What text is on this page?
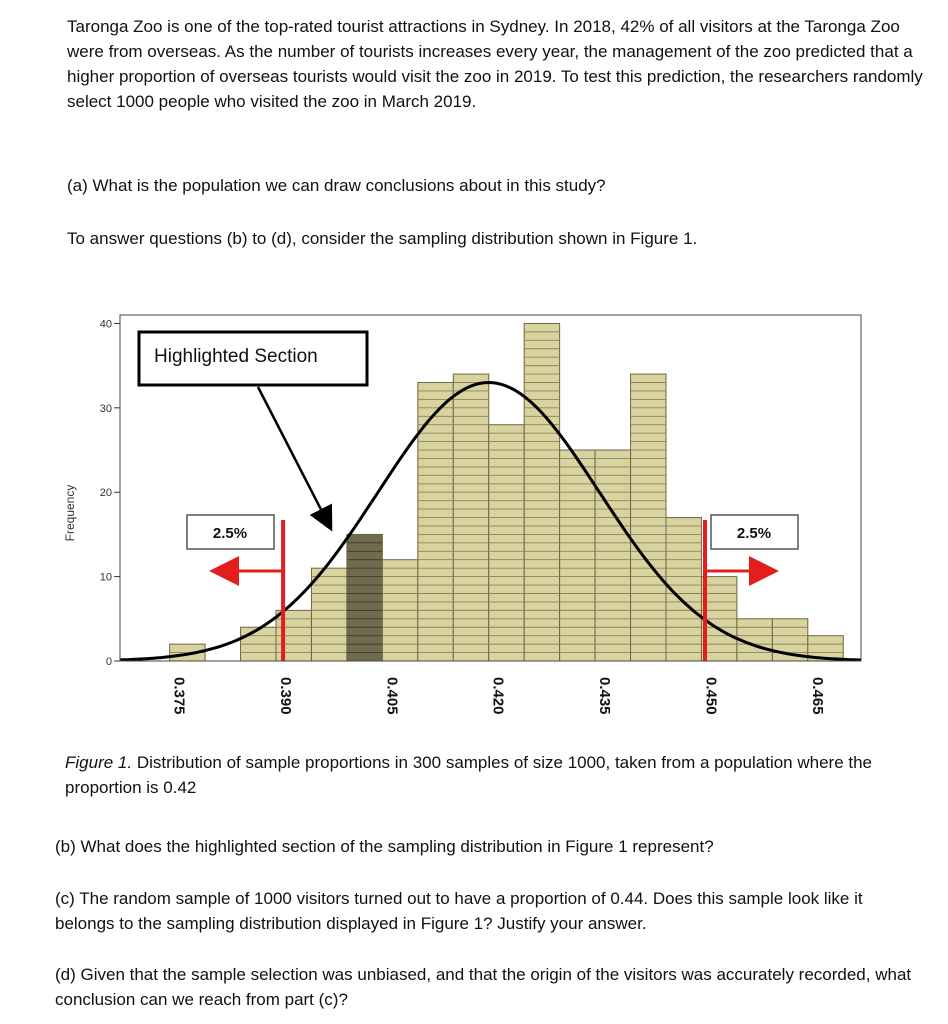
Taronga Zoo is one of the top-rated tourist attractions in Sydney. In 2018, 42% of all visitors at the Taronga Zoo were from overseas. As the number of tourists increases every year, the management of the zoo predicted that a higher proportion of overseas tourists would visit the zoo in 2019. To test this prediction, the researchers randomly select 1000 people who visited the zoo in March 2019.
(a) What is the population we can draw conclusions about in this study?
To answer questions (b) to (d), consider the sampling distribution shown in Figure 1.
0
10
20
30
40
Frequency
0.375	0.390	0.405	0.420	0.435	0.450	0.465
Highlighted Section
2.5%	2.5%
Figure 1. Distribution of sample proportions in 300 samples of size 1000, taken from a population where the proportion is 0.42
(b) What does the highlighted section of the sampling distribution in Figure 1 represent?
(c) The random sample of 1000 visitors turned out to have a proportion of 0.44. Does this sample look like it belongs to the sampling distribution displayed in Figure 1? Justify your answer.
(d) Given that the sample selection was unbiased, and that the origin of the visitors was accurately recorded, what conclusion can we reach from part (c)?
